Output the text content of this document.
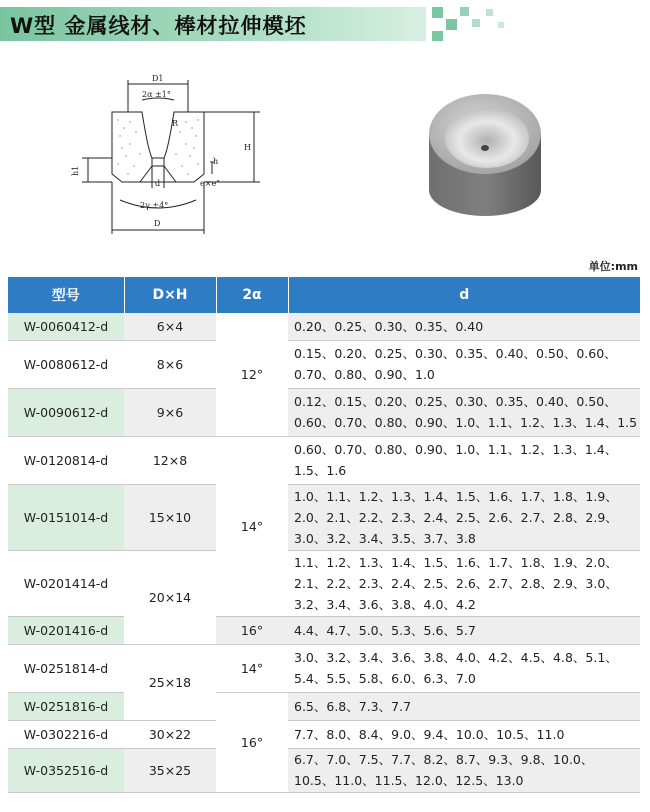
W型 金属线材、棒材拉伸模坯
D1
2α ±1°
d
R
H
h
e×e°
h1
2γ ±4°
D
单位:mm
型号	D×H	2α	d
W-0060412-d	6×4	12°	0.20、0.25、0.30、0.35、0.40

W-0080612-d	8×6		0.15、0.20、0.25、0.30、0.35、0.40、0.50、0.60、
0.70、0.80、0.90、1.0

W-0090612-d	9×6		0.12、0.15、0.20、0.25、0.30、0.35、0.40、0.50、
0.60、0.70、0.80、0.90、1.0、1.1、1.2、1.3、1.4、1.5

W-0120814-d	12×8	14°	0.60、0.70、0.80、0.90、1.0、1.1、1.2、1.3、1.4、
1.5、1.6

W-0151014-d	15×10		1.0、1.1、1.2、1.3、1.4、1.5、1.6、1.7、1.8、1.9、
2.0、2.1、2.2、2.3、2.4、2.5、2.6、2.7、2.8、2.9、
3.0、3.2、3.4、3.5、3.7、3.8

W-0201414-d	20×14		1.1、1.2、1.3、1.4、1.5、1.6、1.7、1.8、1.9、2.0、
2.1、2.2、2.3、2.4、2.5、2.6、2.7、2.8、2.9、3.0、
3.2、3.4、3.6、3.8、4.0、4.2

W-0201416-d		16°	4.4、4.7、5.0、5.3、5.6、5.7

W-0251814-d	25×18	14°	3.0、3.2、3.4、3.6、3.8、4.0、4.2、4.5、4.8、5.1、
5.4、5.5、5.8、6.0、6.3、7.0

W-0251816-d		16°	6.5、6.8、7.3、7.7

W-0302216-d	30×22		7.7、8.0、8.4、9.0、9.4、10.0、10.5、11.0

W-0352516-d	35×25		6.7、7.0、7.5、7.7、8.2、8.7、9.3、9.8、10.0、
10.5、11.0、11.5、12.0、12.5、13.0
